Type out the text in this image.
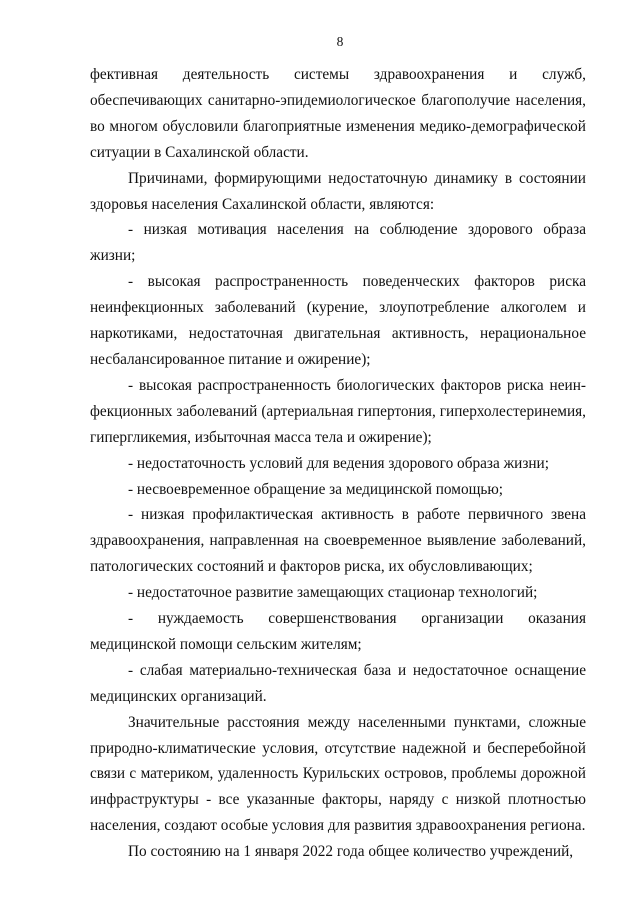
8

фективная деятельность системы здравоохранения и служб, обеспечивающих санитарно-эпидемиологическое благополучие населения, во многом обусловили благоприятные изменения медико-демографической ситуации в Сахалинской области.

Причинами, формирующими недостаточную динамику в состоянии здоровья населения Сахалинской области, являются:

- низкая мотивация населения на соблюдение здорового образа жизни;

- высокая распространенность поведенческих факторов риска неинфекционных заболеваний (курение, злоупотребление алкоголем и наркотиками, недостаточная двигательная активность, нерациональное несбалансированное питание и ожирение);

- высокая распространенность биологических факторов риска неинфекционных заболеваний (артериальная гипертония, гиперхолестеринемия, гипергликемия, избыточная масса тела и ожирение);

- недостаточность условий для ведения здорового образа жизни;

- несвоевременное обращение за медицинской помощью;

- низкая профилактическая активность в работе первичного звена здравоохранения, направленная на своевременное выявление заболеваний, патологических состояний и факторов риска, их обусловливающих;

- недостаточное развитие замещающих стационар технологий;

- нуждаемость совершенствования организации оказания медицинской помощи сельским жителям;

- слабая материально-техническая база и недостаточное оснащение медицинских организаций.

Значительные расстояния между населенными пунктами, сложные природно-климатические условия, отсутствие надежной и бесперебойной связи с материком, удаленность Курильских островов, проблемы дорожной инфраструктуры - все указанные факторы, наряду с низкой плотностью населения, создают особые условия для развития здравоохранения региона.

По состоянию на 1 января 2022 года общее количество учреждений,
